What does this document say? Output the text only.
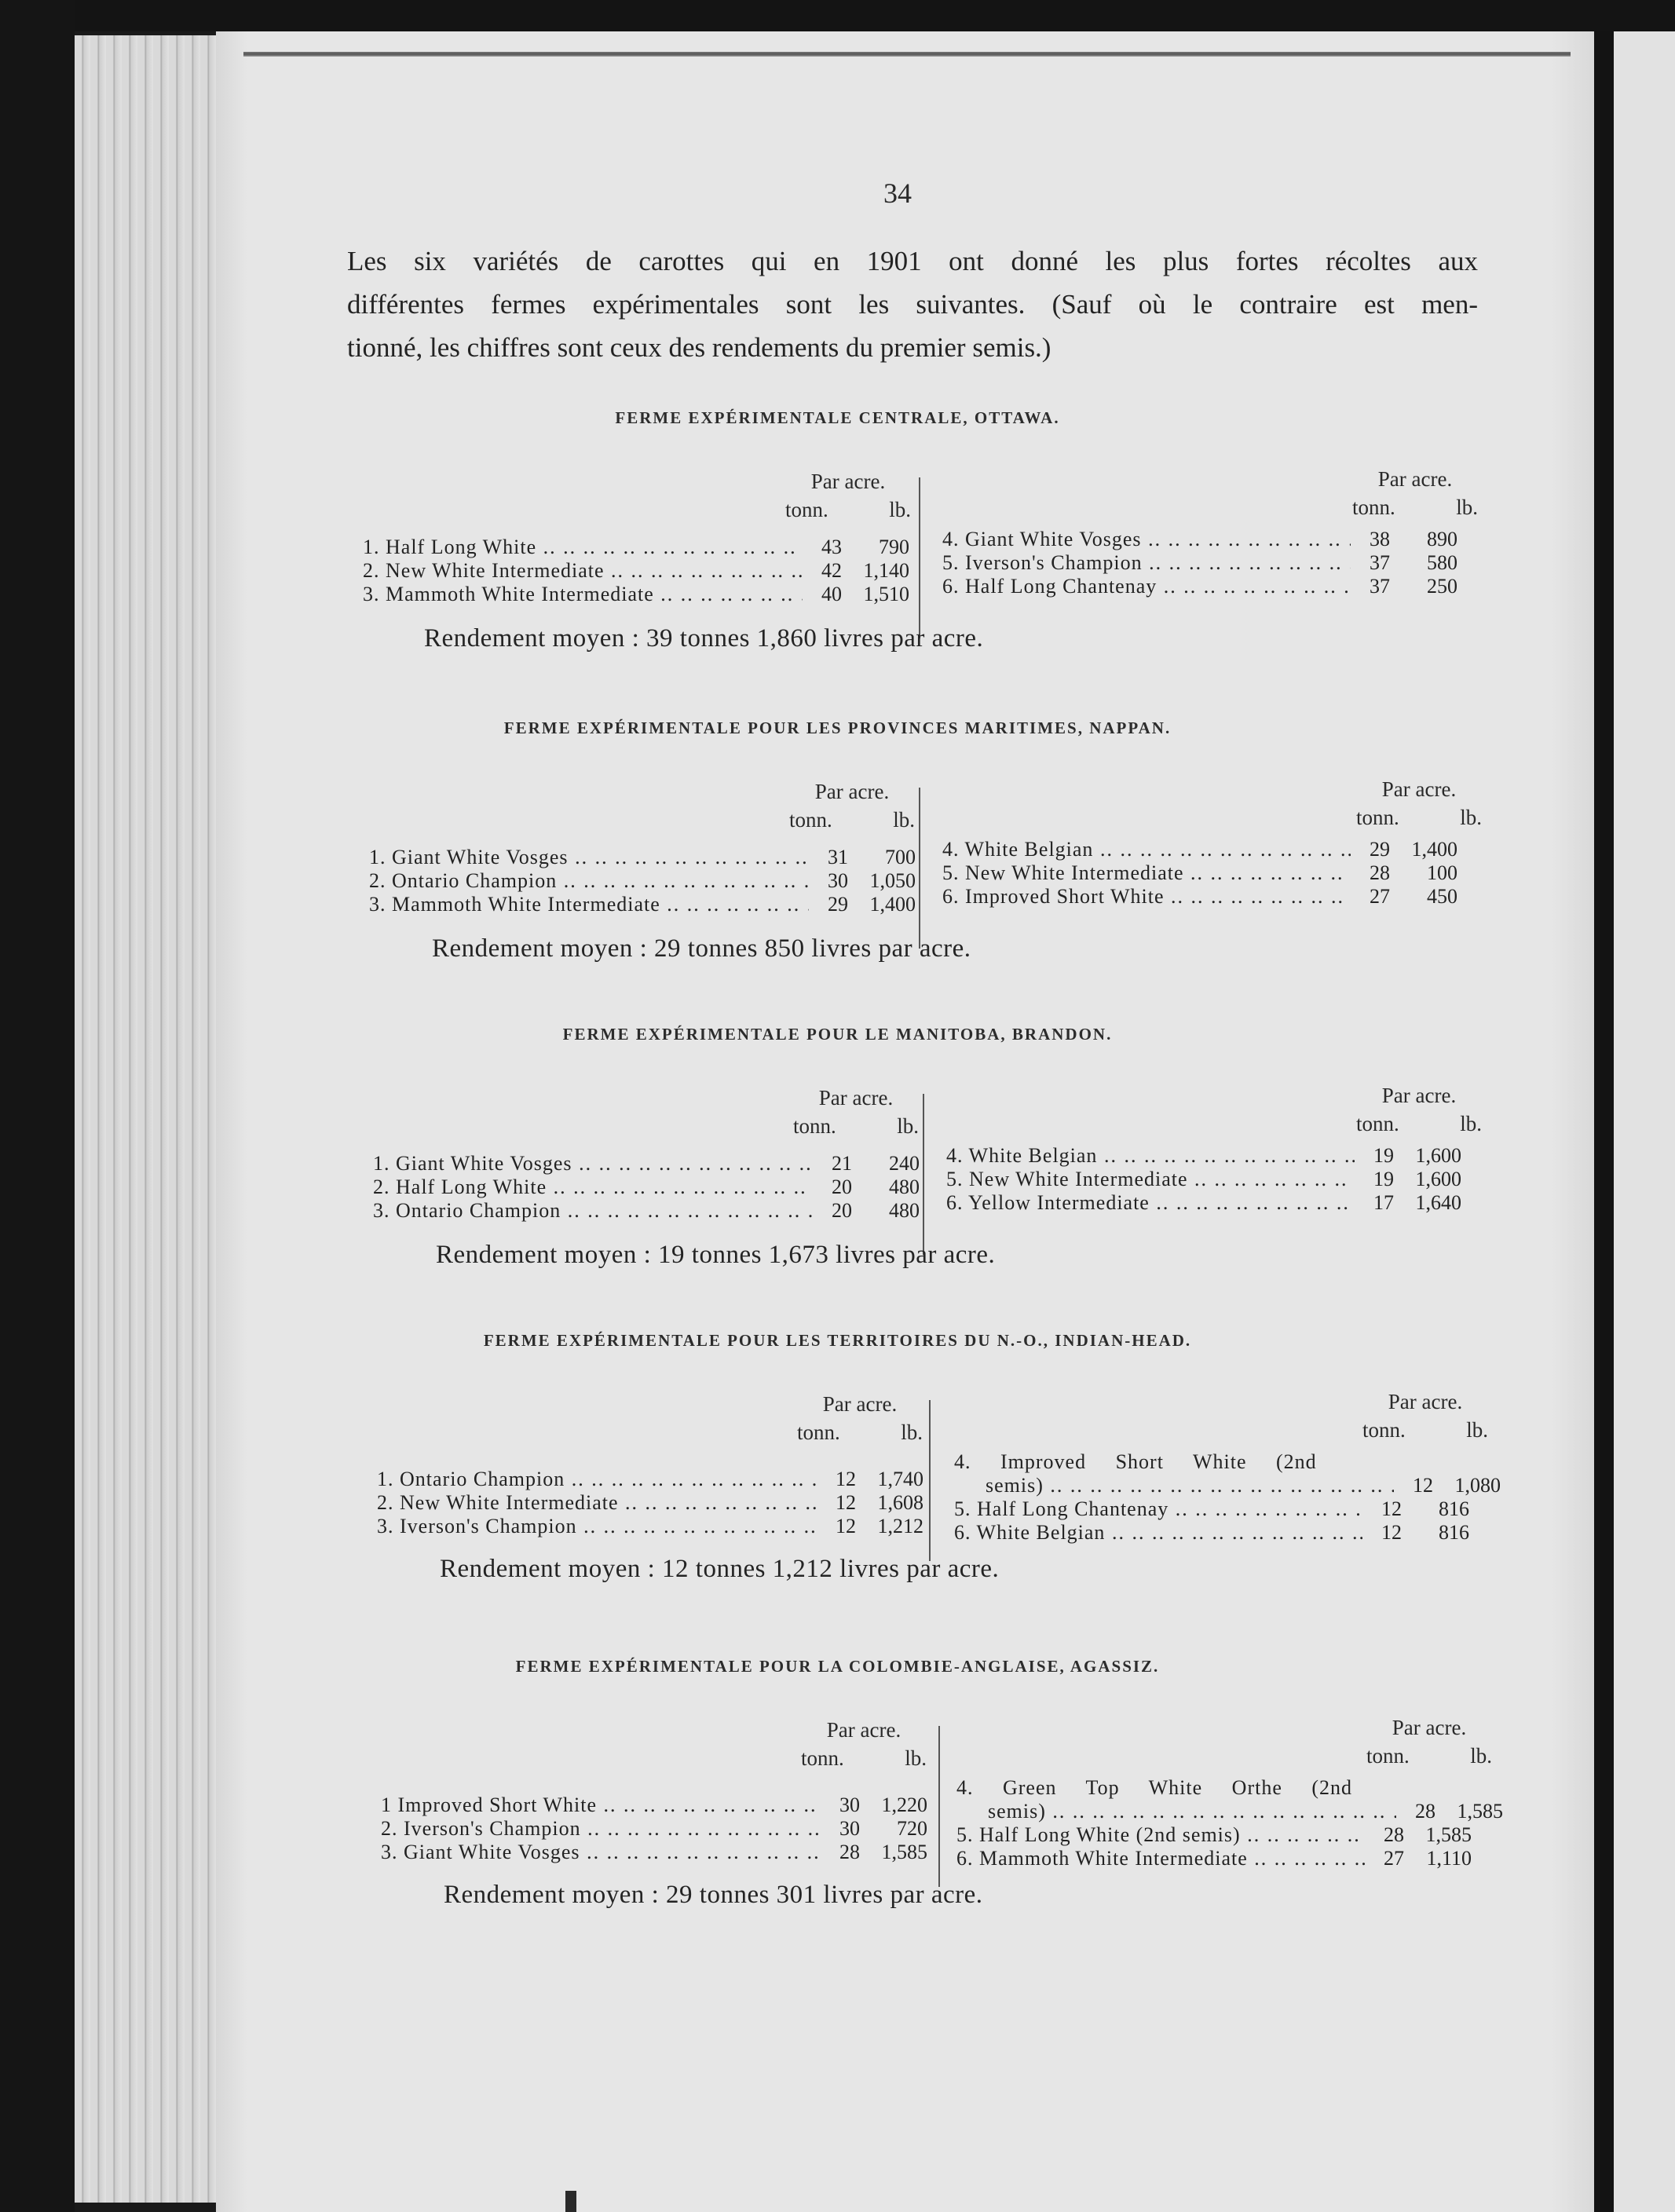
34
Les six variétés de carottes qui en 1901 ont donné les plus fortes récoltes aux
différentes fermes expérimentales sont les suivantes. (Sauf où le contraire est men-
tionné, les chiffres sont ceux des rendements du premier semis.)
FERME EXPÉRIMENTALE CENTRALE, OTTAWA.
Par acre.
tonn.	lb.
Par acre.
tonn.	lb.
1. Half Long White .. ..	43	790
2. New White Intermediate .. ..	42	1,140
3. Mammoth White Intermediate .. ..	40	1,510
4. Giant White Vosges .. ..	38	890
5. Iverson's Champion .. ..	37	580
6. Half Long Chantenay .. ..	37	250
Rendement moyen : 39 tonnes 1,860 livres par acre.
FERME EXPÉRIMENTALE POUR LES PROVINCES MARITIMES, NAPPAN.
Par acre.
tonn.	lb.
Par acre.
tonn.	lb.
1. Giant White Vosges .. ..	31	700
2. Ontario Champion .. ..	30	1,050
3. Mammoth White Intermediate .. ..	29	1,400
4. White Belgian .. ..	29	1,400
5. New White Intermediate .. ..	28	100
6. Improved Short White .. ..	27	450
Rendement moyen : 29 tonnes 850 livres par acre.
FERME EXPÉRIMENTALE POUR LE MANITOBA, BRANDON.
Par acre.
tonn.	lb.
Par acre.
tonn.	lb.
1. Giant White Vosges .. ..	21	240
2. Half Long White .. ..	20	480
3. Ontario Champion .. ..	20	480
4. White Belgian .. ..	19	1,600
5. New White Intermediate .. ..	19	1,600
6. Yellow Intermediate .. ..	17	1,640
Rendement moyen : 19 tonnes 1,673 livres par acre.
FERME EXPÉRIMENTALE POUR LES TERRITOIRES DU N.-O., INDIAN-HEAD.
Par acre.
tonn.	lb.
Par acre.
tonn.	lb.
1. Ontario Champion .. ..	12	1,740
2. New White Intermediate .. ..	12	1,608
3. Iverson's Champion .. ..	12	1,212
4. Improved Short White (2nd
semis) .. ..	12	1,080
5. Half Long Chantenay .. ..	12	816
6. White Belgian .. ..	12	816
Rendement moyen : 12 tonnes 1,212 livres par acre.
FERME EXPÉRIMENTALE POUR LA COLOMBIE-ANGLAISE, AGASSIZ.
Par acre.
tonn.	lb.
Par acre.
tonn.	lb.
1 Improved Short White .. ..	30	1,220
2. Iverson's Champion .. ..	30	720
3. Giant White Vosges .. ..	28	1,585
4. Green Top White Orthe (2nd
semis) .. ..	28	1,585
5. Half Long White (2nd semis) .. ..	28	1,585
6. Mammoth White Intermediate .. ..	27	1,110
Rendement moyen : 29 tonnes 301 livres par acre.
